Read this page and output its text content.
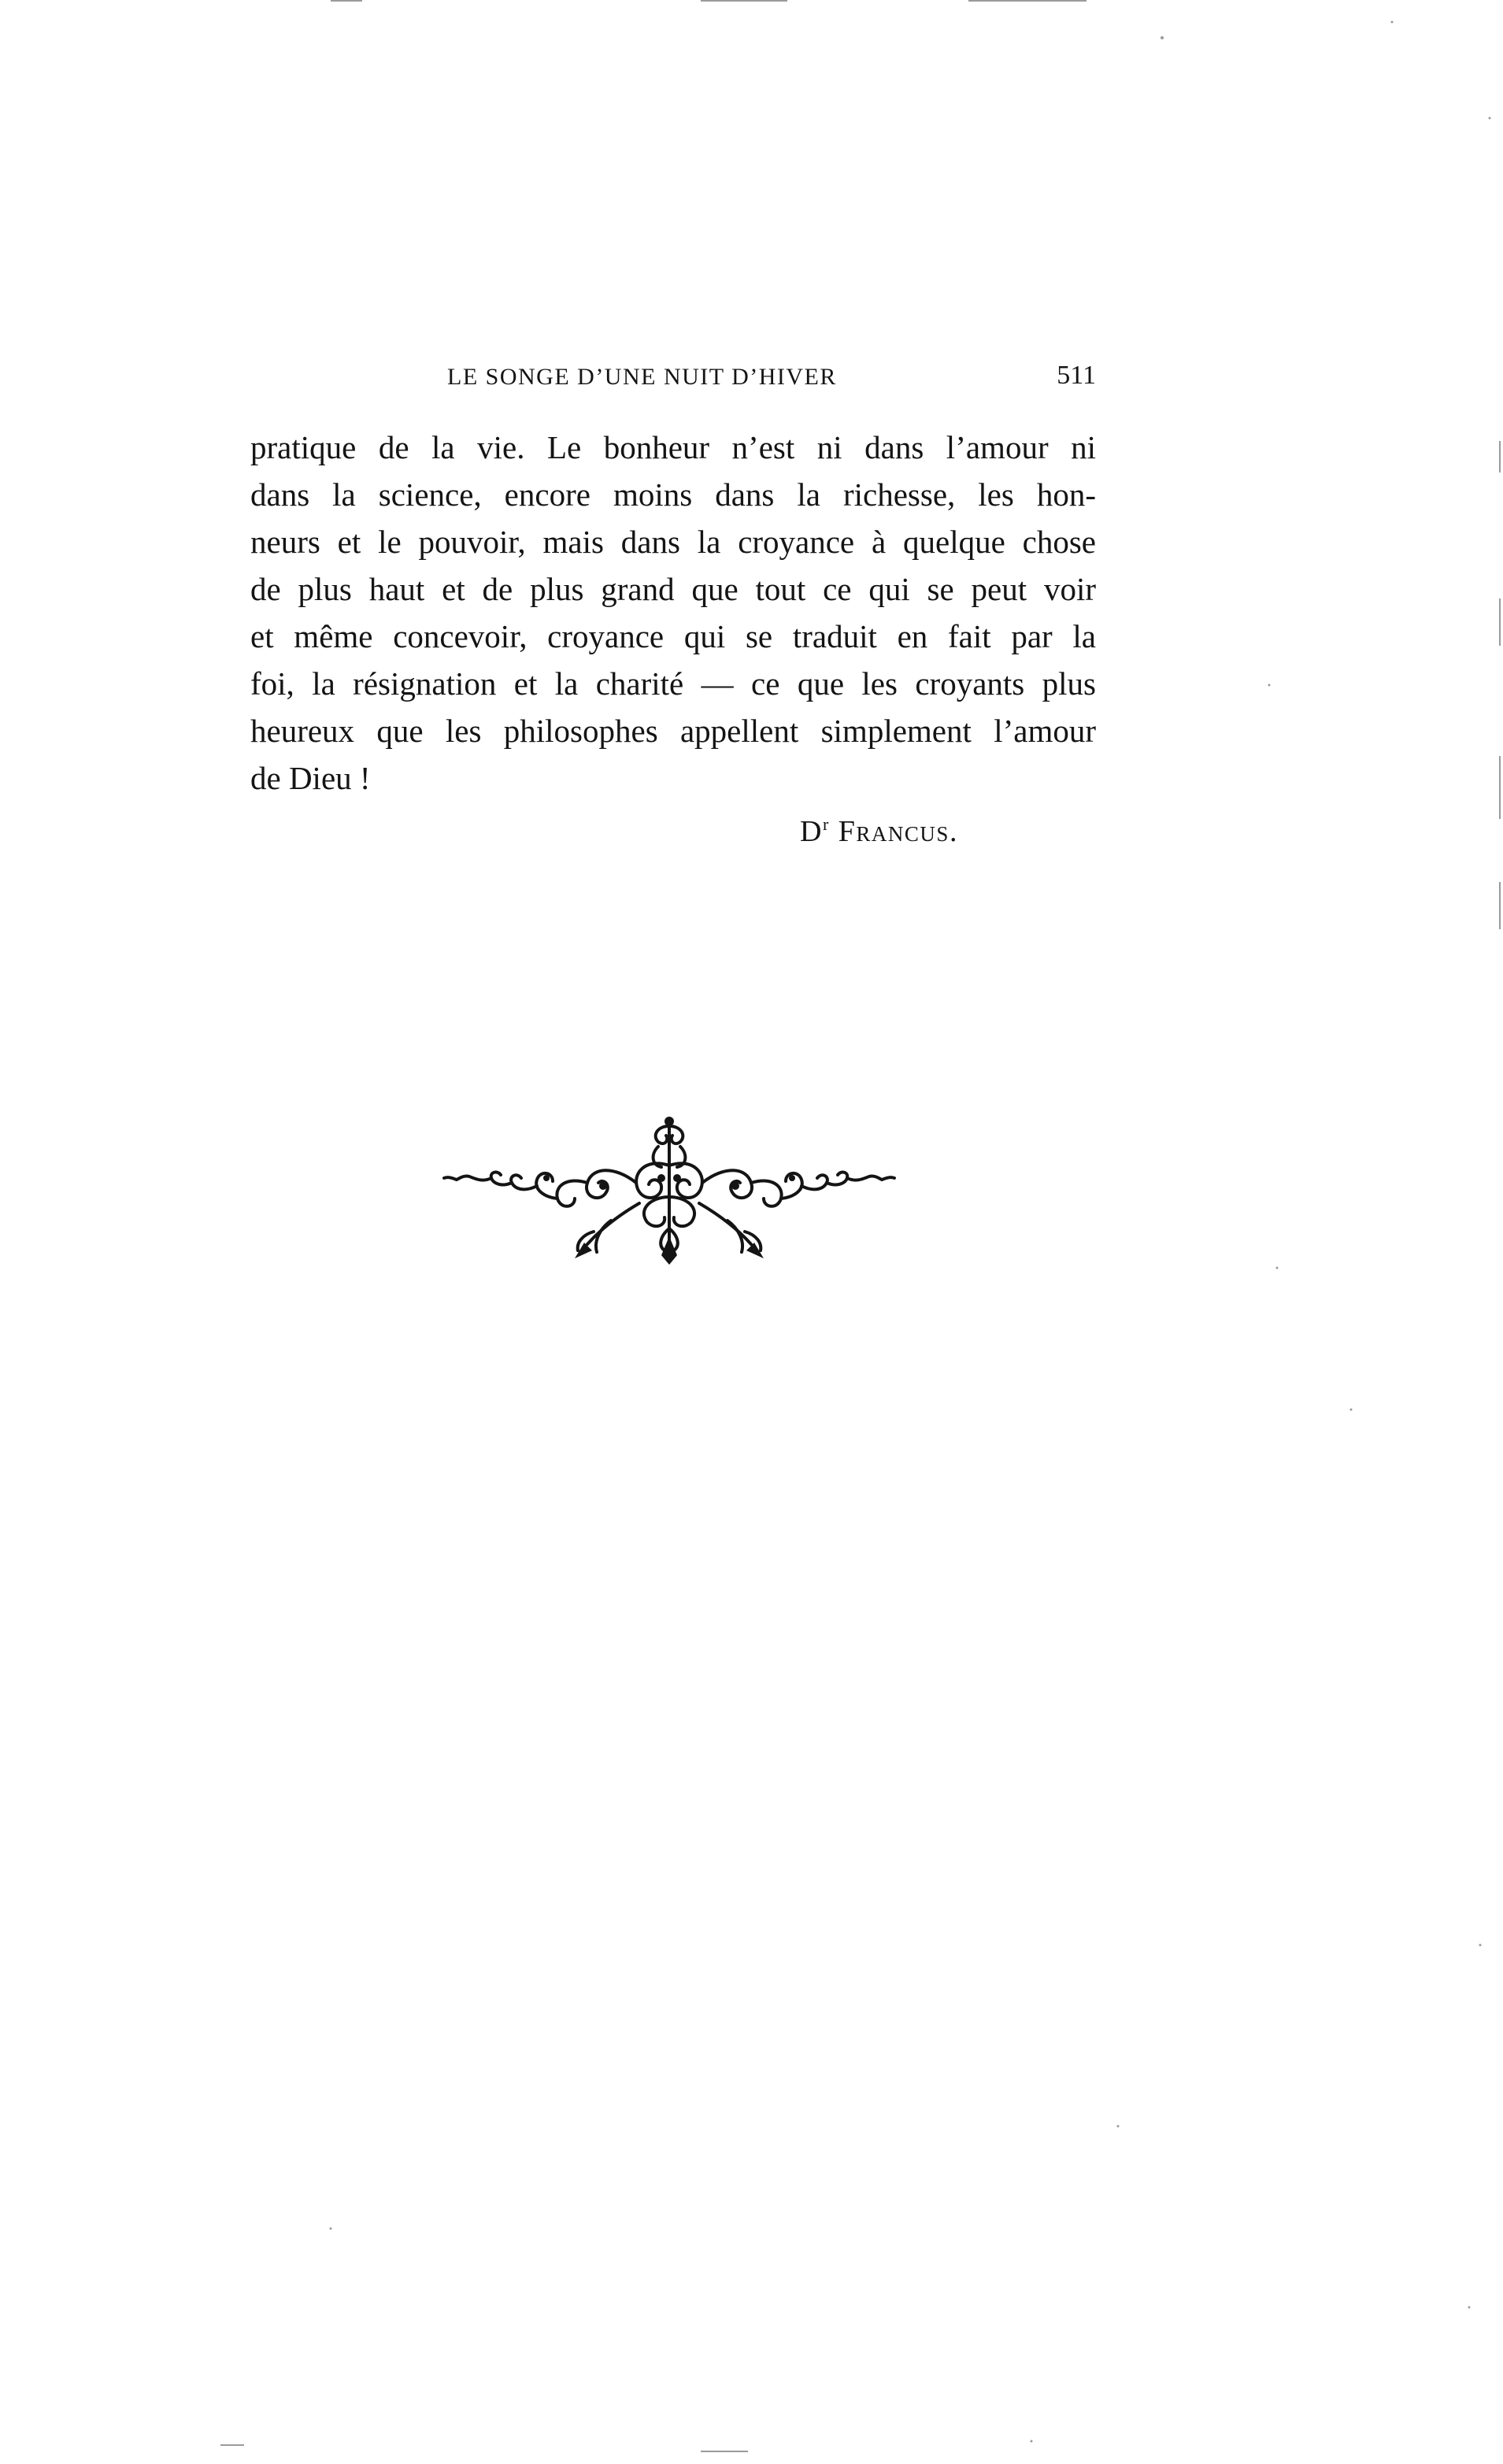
LE SONGE D’UNE NUIT D’HIVER	511
pratique de la vie. Le bonheur n’est ni dans l’amour ni
dans la science, encore moins dans la richesse, les hon-
neurs et le pouvoir, mais dans la croyance à quelque chose
de plus haut et de plus grand que tout ce qui se peut voir
et même concevoir, croyance qui se traduit en fait par la
foi, la résignation et la charité — ce que les croyants plus
heureux que les philosophes appellent simplement l’amour
de Dieu !
$D^r$ Francus.
